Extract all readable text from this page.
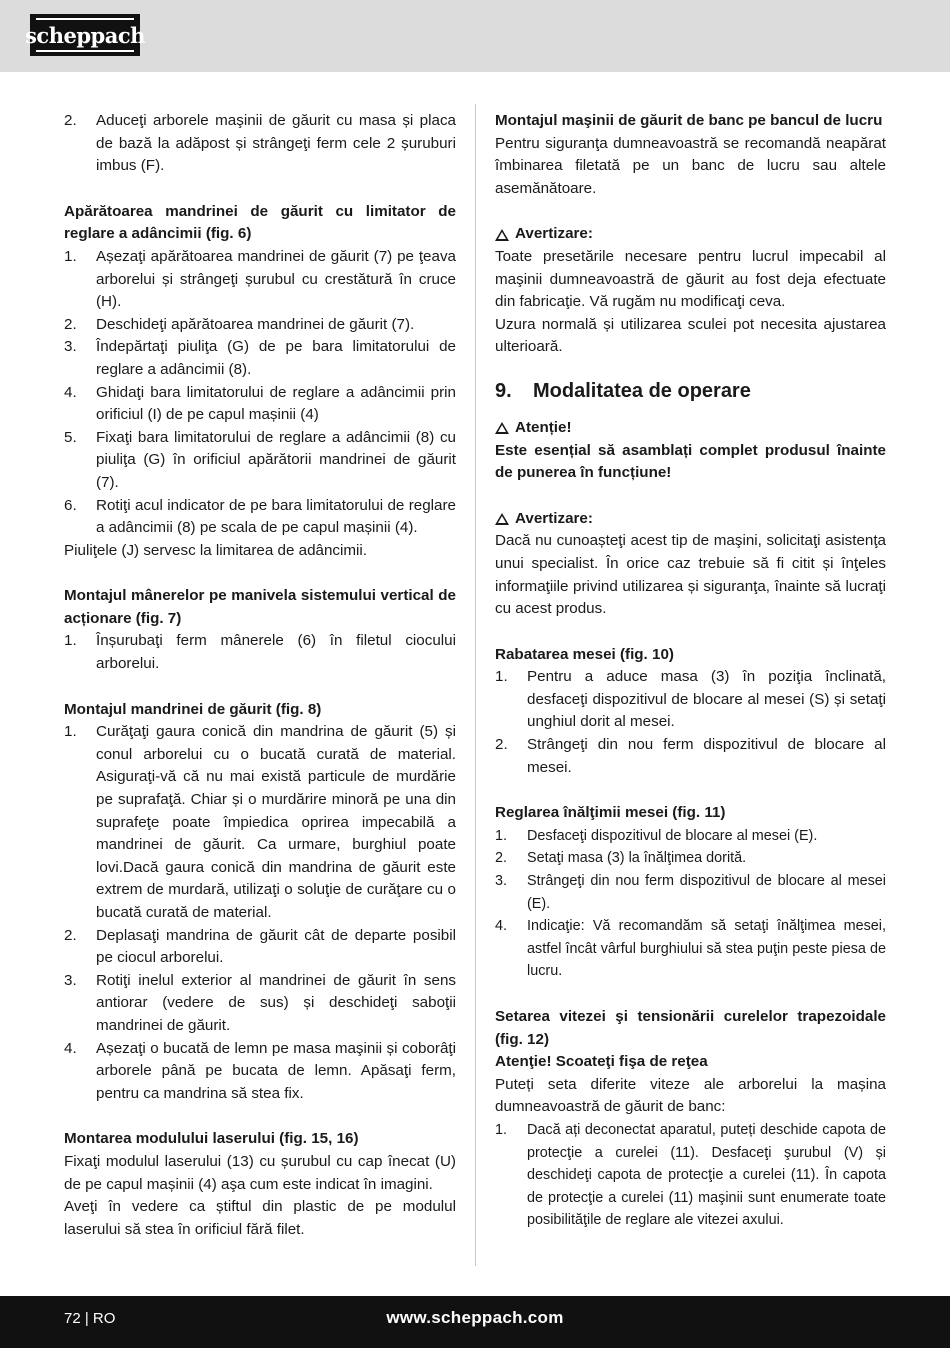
scheppach
2.	Aduceţi arborele maşinii de găurit cu masa și placa de bază la adăpost și strângeţi ferm cele 2 șuruburi imbus (F).

Apărătoarea mandrinei de găurit cu limitator de reglare a adâncimii (fig. 6)

1.	Așezaţi apărătoarea mandrinei de găurit (7) pe ţeava arborelui și strângeţi șurubul cu crestătură în cruce (H).
2.	Deschideţi apărătoarea mandrinei de găurit (7).
3.	Îndepărtaţi piuliţa (G) de pe bara limitatorului de reglare a adâncimii (8).
4.	Ghidaţi bara limitatorului de reglare a adâncimii prin orificiul (I) de pe capul mașinii (4)
5.	Fixaţi bara limitatorului de reglare a adâncimii (8) cu piuliţa (G) în orificiul apărătorii mandrinei de găurit (7).
6.	Rotiţi acul indicator de pe bara limitatorului de reglare a adâncimii (8) pe scala de pe capul mașinii (4).

Piuliţele (J) servesc la limitarea de adâncimii.

Montajul mânerelor pe manivela sistemului vertical de acționare (fig. 7)

1.	Înșurubaţi ferm mânerele (6) în filetul ciocului arborelui.

Montajul mandrinei de găurit (fig. 8)

1.	Curăţaţi gaura conică din mandrina de găurit (5) și conul arborelui cu o bucată curată de material. Asiguraţi-vă că nu mai există particule de murdărie pe suprafaţă. Chiar și o murdărire minoră pe una din suprafeţe poate împiedica oprirea impecabilă a mandrinei de găurit. Ca urmare, burghiul poate lovi.Dacă gaura conică din mandrina de găurit este extrem de murdară, utilizaţi o soluţie de curăţare cu o bucată curată de material.
2.	Deplasaţi mandrina de găurit cât de departe posibil pe ciocul arborelui.
3.	Rotiţi inelul exterior al mandrinei de găurit în sens antiorar (vedere de sus) și deschideţi saboţii mandrinei de găurit.
4.	Așezaţi o bucată de lemn pe masa maşinii și coborâţi arborele până pe bucata de lemn. Apăsaţi ferm, pentru ca mandrina să stea fix.

Montarea modulului laserului (fig. 15, 16)

Fixaţi modulul laserului (13) cu șurubul cu cap înecat (U) de pe capul mașinii (4) aşa cum este indicat în imagini.

Aveţi în vedere ca știftul din plastic de pe modulul laserului să stea în orificiul fără filet.

Montajul maşinii de găurit de banc pe bancul de lucru

Pentru siguranţa dumneavoastră se recomandă neapărat îmbinarea filetată pe un banc de lucru sau altele asemănătoare.

Avertizare:

Toate presetările necesare pentru lucrul impecabil al maşinii dumneavoastră de găurit au fost deja efectuate din fabricaţie. Vă rugăm nu modificaţi ceva.

Uzura normală și utilizarea sculei pot necesita ajustarea ulterioară.

9.	Modalitatea de operare
Atenție!

Este esențial să asamblați complet produsul înainte de punerea în funcțiune!

Avertizare:

Dacă nu cunoașteţi acest tip de maşini, solicitaţi asistenţa unui specialist. În orice caz trebuie să fi citit și înţeles informaţiile privind utilizarea și siguranţa, înainte să lucraţi cu acest produs.

Rabatarea mesei (fig. 10)

1.	Pentru a aduce masa (3) în poziţia înclinată, desfaceţi dispozitivul de blocare al mesei (S) și setaţi unghiul dorit al mesei.
2.	Strângeţi din nou ferm dispozitivul de blocare al mesei.

Reglarea înălţimii mesei (fig. 11)

1.	Desfaceţi dispozitivul de blocare al mesei (E).
2.	Setaţi masa (3) la înălţimea dorită.
3.	Strângeţi din nou ferm dispozitivul de blocare al mesei (E).
4.	Indicaţie: Vă recomandăm să setaţi înălţimea mesei, astfel încât vârful burghiului să stea puţin peste piesa de lucru.

Setarea vitezei şi tensionării curelelor trapezoidale (fig. 12)

Atenţie! Scoateţi fişa de reţea

Puteți seta diferite viteze ale arborelui la mașina dumneavoastră de găurit de banc:

1.	Dacă ați deconectat aparatul, puteți deschide capota de protecţie a curelei (11). Desfaceţi şurubul (V) și deschideţi capota de protecţie a curelei (11). În capota de protecţie a curelei (11) maşinii sunt enumerate toate posibilităţile de reglare ale vitezei axului.
72 | RO	www.scheppach.com
